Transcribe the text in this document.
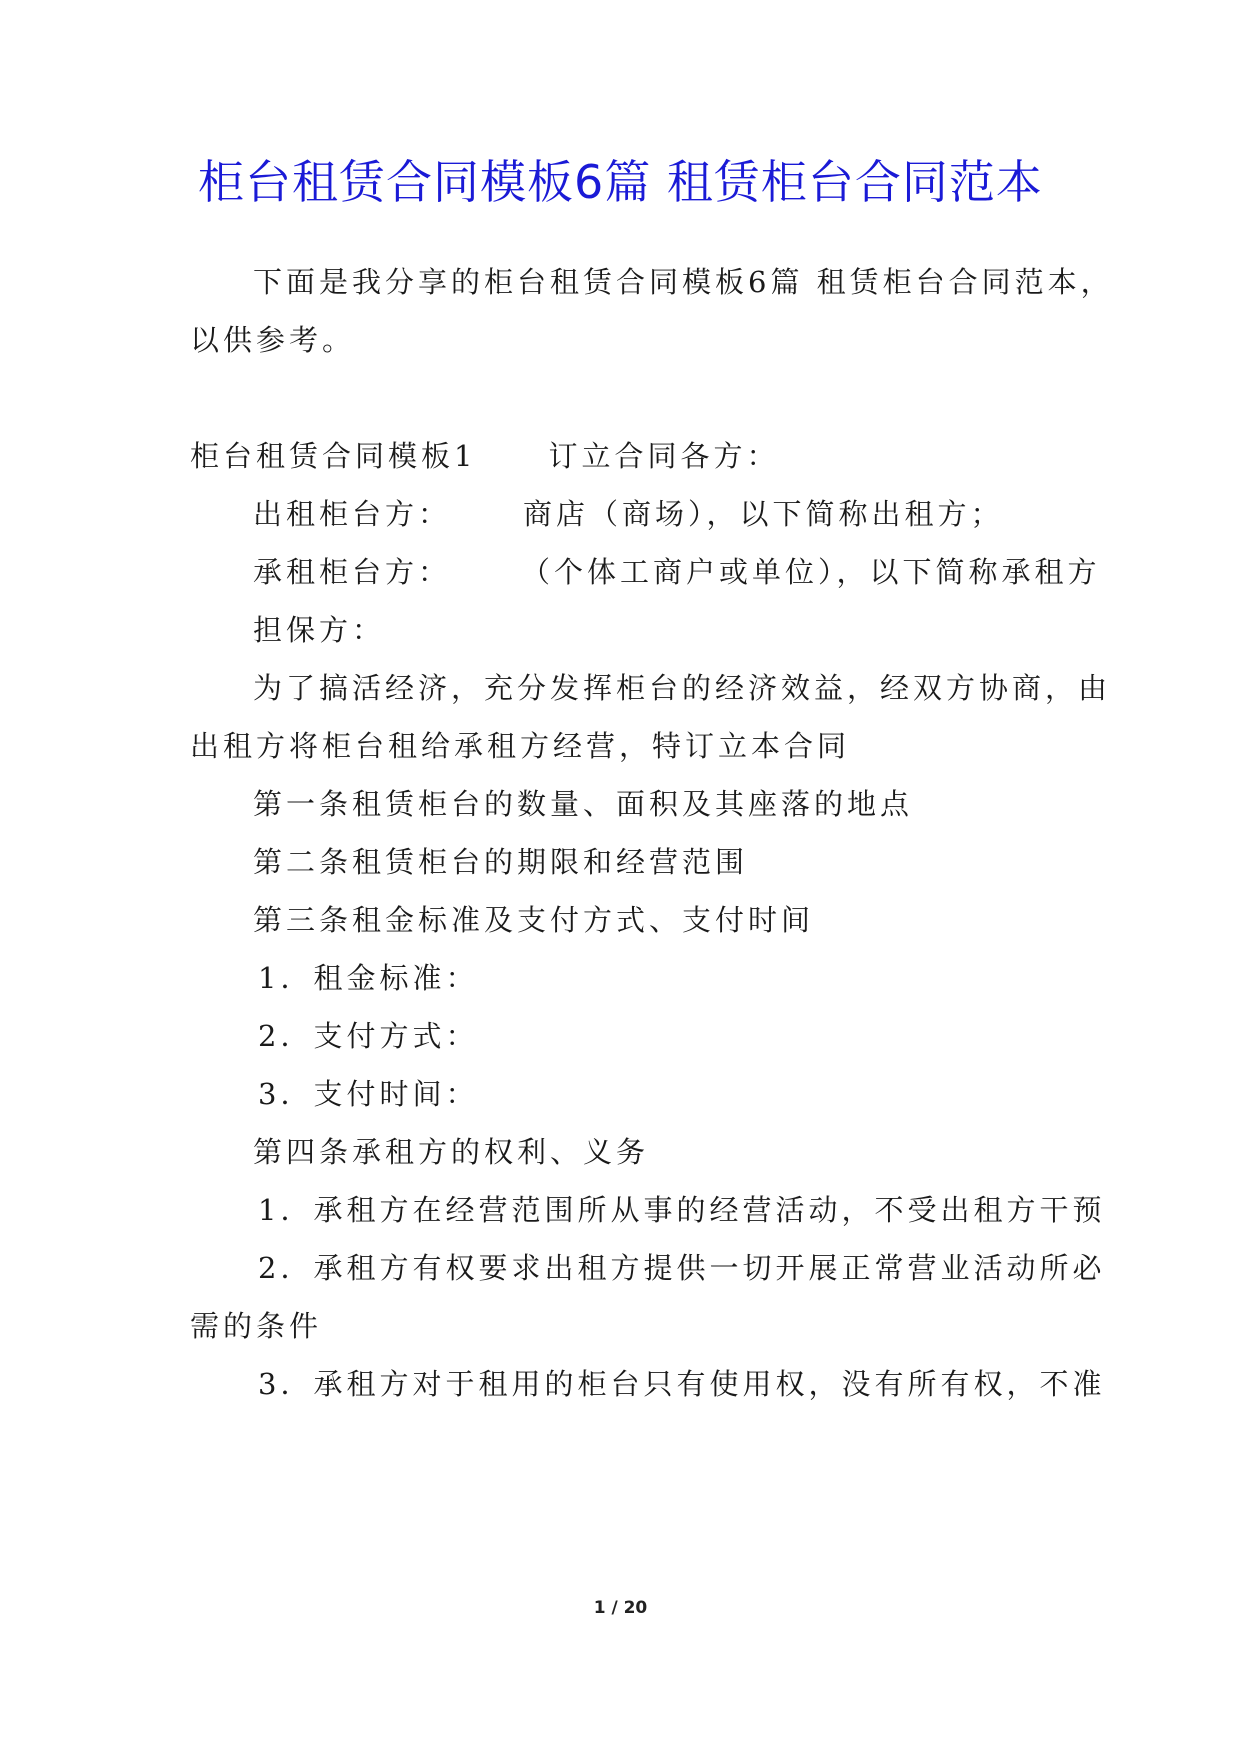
柜台租赁合同模板6篇 租赁柜台合同范本
下面是我分享的柜台租赁合同模板6篇 租赁柜台合同范本，
以供参考。
柜台租赁合同模板1 订立合同各方：
出租柜台方： 商店（商场），以下简称出租方；
承租柜台方： （个体工商户或单位），以下简称承租方
担保方：
为了搞活经济，充分发挥柜台的经济效益，经双方协商，由
出租方将柜台租给承租方经营，特订立本合同
第一条租赁柜台的数量、面积及其座落的地点
第二条租赁柜台的期限和经营范围
第三条租金标准及支付方式、支付时间
1．租金标准：
2．支付方式：
3．支付时间：
第四条承租方的权利、义务
1．承租方在经营范围所从事的经营活动，不受出租方干预
2．承租方有权要求出租方提供一切开展正常营业活动所必
需的条件
3．承租方对于租用的柜台只有使用权，没有所有权，不准
1 / 20
